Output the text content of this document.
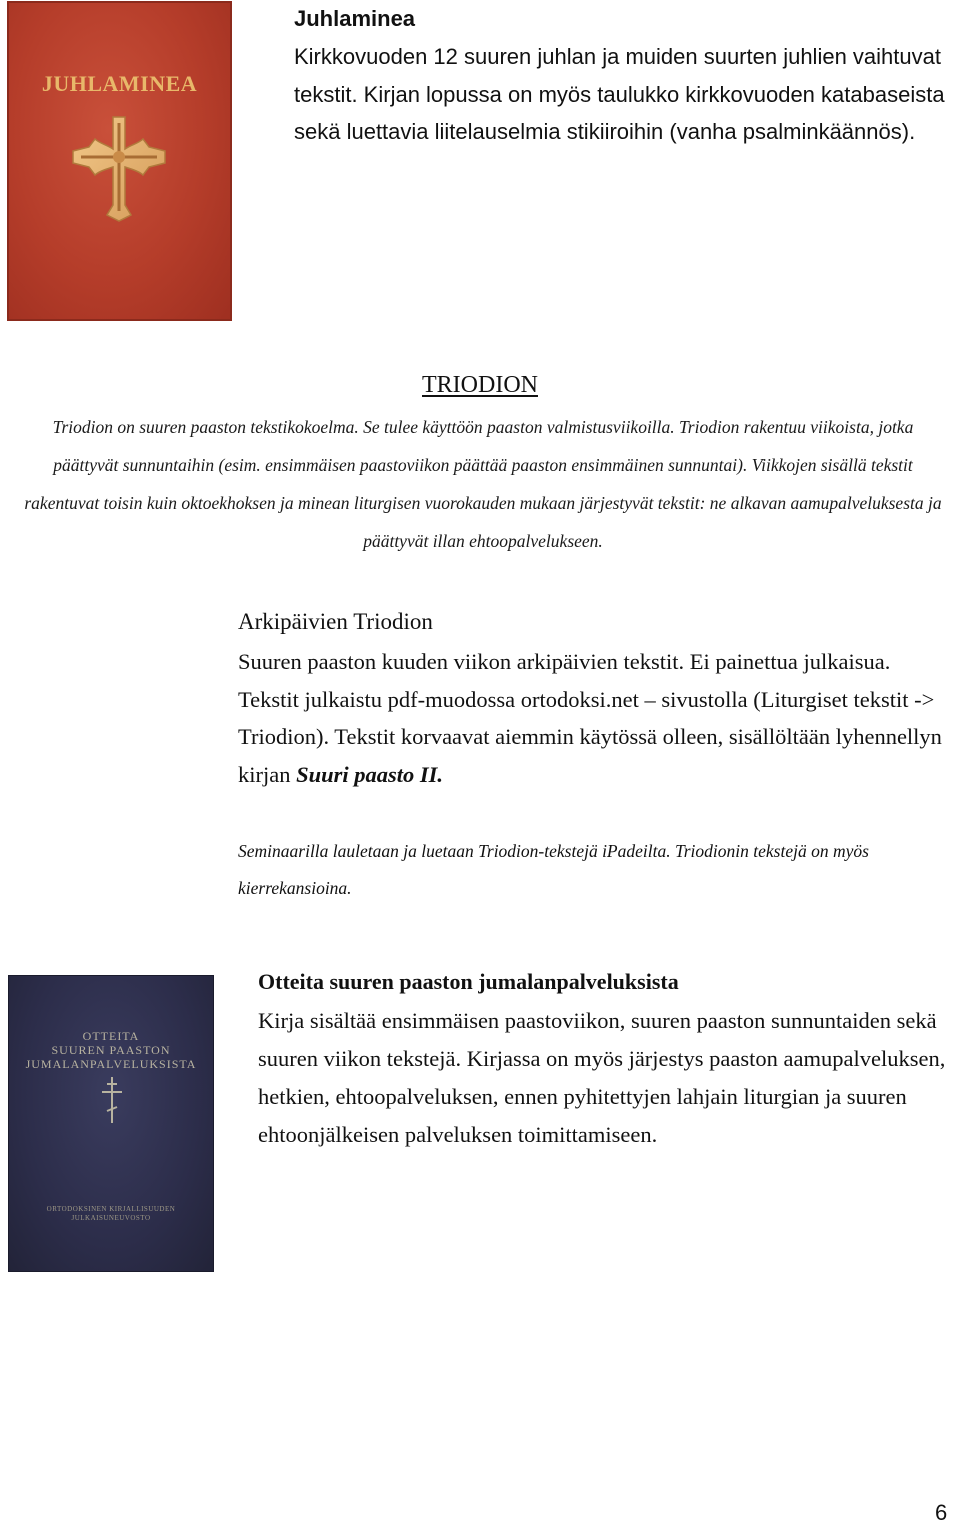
JUHLAMINEA
Juhlaminea
Kirkkovuoden 12 suuren juhlan ja muiden suurten juhlien vaihtuvat tekstit. Kirjan lopussa on myös taulukko kirkkovuoden katabaseista sekä luettavia liitelauselmia stikiiroihin (vanha psalminkäännös).
TRIODION
Triodion on suuren paaston tekstikokoelma. Se tulee käyttöön paaston valmistusviikoilla. Triodion rakentuu viikoista, jotka päättyvät sunnuntaihin (esim. ensimmäisen paastoviikon päättää paaston ensimmäinen sunnuntai). Viikkojen sisällä tekstit rakentuvat toisin kuin oktoekhoksen ja minean liturgisen vuorokauden mukaan järjestyvät tekstit: ne alkavan aamupalveluksesta ja päättyvät illan ehtoopalvelukseen.
Arkipäivien Triodion
Suuren paaston kuuden viikon arkipäivien tekstit. Ei painettua julkaisua. Tekstit julkaistu pdf-muodossa ortodoksi.net – sivustolla (Liturgiset tekstit -> Triodion). Tekstit korvaavat aiemmin käytössä olleen, sisällöltään lyhennellyn kirjan Suuri paasto II.
Seminaarilla lauletaan ja luetaan Triodion-tekstejä iPadeilta. Triodionin tekstejä on myös kierrekansioina.
OTTEITA
SUUREN PAASTON
JUMALANPALVELUKSISTA
ORTODOKSINEN KIRJALLISUUDEN
JULKAISUNEUVOSTO
Otteita suuren paaston jumalanpalveluksista
Kirja sisältää ensimmäisen paastoviikon, suuren paaston sunnuntaiden sekä suuren viikon tekstejä. Kirjassa on myös järjestys paaston aamupalveluksen, hetkien, ehtoopalveluksen, ennen pyhitettyjen lahjain liturgian ja suuren ehtoonjälkeisen palveluksen toimittamiseen.
6
